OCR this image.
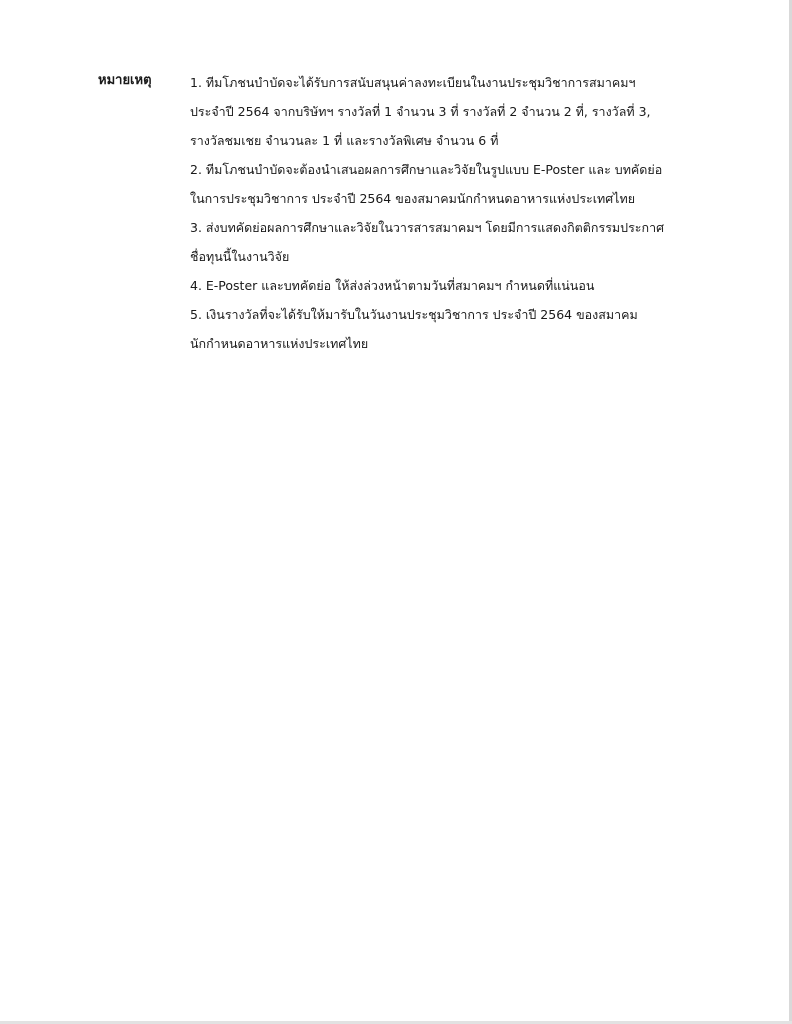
หมายเหตุ	1. ทีมโภชนบำบัดจะได้รับการสนับสนุนค่าลงทะเบียนในงานประชุมวิชาการสมาคมฯ
ประจำปี 2564 จากบริษัทฯ รางวัลที่ 1 จำนวน 3 ที่ รางวัลที่ 2 จำนวน 2 ที่, รางวัลที่ 3,
รางวัลชมเชย จำนวนละ 1 ที่ และรางวัลพิเศษ จำนวน 6 ที่
2. ทีมโภชนบำบัดจะต้องนำเสนอผลการศึกษาและวิจัยในรูปแบบ E-Poster และ บทคัดย่อ
ในการประชุมวิชาการ ประจำปี 2564 ของสมาคมนักกำหนดอาหารแห่งประเทศไทย
3. ส่งบทคัดย่อผลการศึกษาและวิจัยในวารสารสมาคมฯ โดยมีการแสดงกิตติกรรมประกาศ
ชื่อทุนนี้ในงานวิจัย
4. E-Poster และบทคัดย่อ ให้ส่งล่วงหน้าตามวันที่สมาคมฯ กำหนดที่แน่นอน
5. เงินรางวัลที่จะได้รับให้มารับในวันงานประชุมวิชาการ ประจำปี 2564 ของสมาคม
นักกำหนดอาหารแห่งประเทศไทย
